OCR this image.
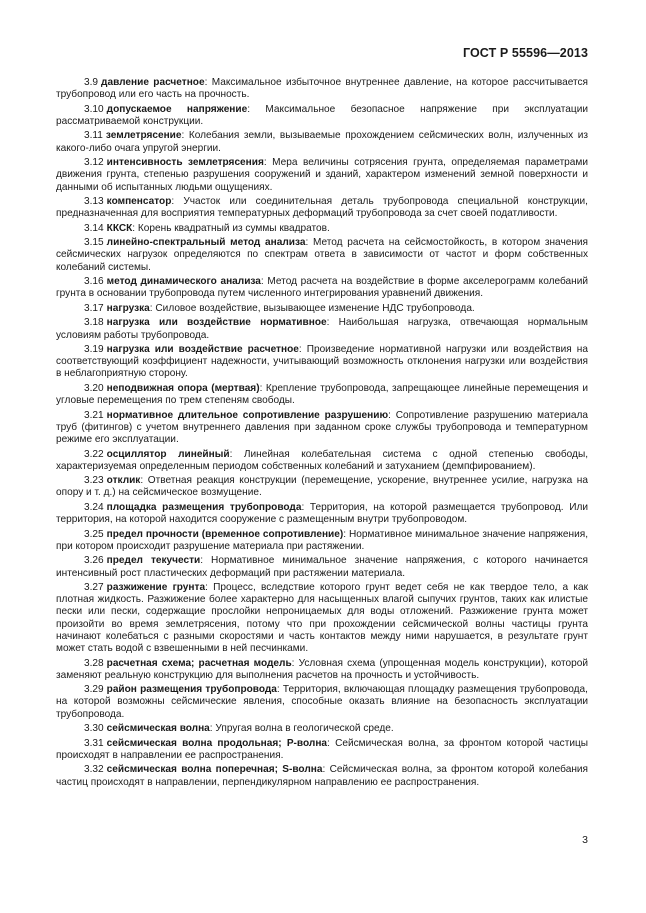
ГОСТ Р 55596—2013

3.9 давление расчетное: Максимальное избыточное внутреннее давление, на которое рассчитывается трубопровод или его часть на прочность.

3.10 допускаемое напряжение: Максимальное безопасное напряжение при эксплуатации рассматриваемой конструкции.

3.11 землетрясение: Колебания земли, вызываемые прохождением сейсмических волн, излученных из какого-либо очага упругой энергии.

3.12 интенсивность землетрясения: Мера величины сотрясения грунта, определяемая параметрами движения грунта, степенью разрушения сооружений и зданий, характером изменений земной поверхности и данными об испытанных людьми ощущениях.

3.13 компенсатор: Участок или соединительная деталь трубопровода специальной конструкции, предназначенная для восприятия температурных деформаций трубопровода за счет своей податливости.

3.14 ККСК: Корень квадратный из суммы квадратов.

3.15 линейно-спектральный метод анализа: Метод расчета на сейсмостойкость, в котором значения сейсмических нагрузок определяются по спектрам ответа в зависимости от частот и форм собственных колебаний системы.

3.16 метод динамического анализа: Метод расчета на воздействие в форме акселерограмм колебаний грунта в основании трубопровода путем численного интегрирования уравнений движения.

3.17 нагрузка: Силовое воздействие, вызывающее изменение НДС трубопровода.

3.18 нагрузка или воздействие нормативное: Наибольшая нагрузка, отвечающая нормальным условиям работы трубопровода.

3.19 нагрузка или воздействие расчетное: Произведение нормативной нагрузки или воздействия на соответствующий коэффициент надежности, учитывающий возможность отклонения нагрузки или воздействия в неблагоприятную сторону.

3.20 неподвижная опора (мертвая): Крепление трубопровода, запрещающее линейные перемещения и угловые перемещения по трем степеням свободы.

3.21 нормативное длительное сопротивление разрушению: Сопротивление разрушению материала труб (фитингов) с учетом внутреннего давления при заданном сроке службы трубопровода и температурном режиме его эксплуатации.

3.22 осциллятор линейный: Линейная колебательная система с одной степенью свободы, характеризуемая определенным периодом собственных колебаний и затуханием (демпфированием).

3.23 отклик: Ответная реакция конструкции (перемещение, ускорение, внутреннее усилие, нагрузка на опору и т. д.) на сейсмическое возмущение.

3.24 площадка размещения трубопровода: Территория, на которой размещается трубопровод. Или территория, на которой находится сооружение с размещенным внутри трубопроводом.

3.25 предел прочности (временное сопротивление): Нормативное минимальное значение напряжения, при котором происходит разрушение материала при растяжении.

3.26 предел текучести: Нормативное минимальное значение напряжения, с которого начинается интенсивный рост пластических деформаций при растяжении материала.

3.27 разжижение грунта: Процесс, вследствие которого грунт ведет себя не как твердое тело, а как плотная жидкость. Разжижение более характерно для насыщенных влагой сыпучих грунтов, таких как илистые пески или пески, содержащие прослойки непроницаемых для воды отложений. Разжижение грунта может произойти во время землетрясения, потому что при прохождении сейсмической волны частицы грунта начинают колебаться с разными скоростями и часть контактов между ними нарушается, в результате грунт может стать водой с взвешенными в ней песчинками.

3.28 расчетная схема; расчетная модель: Условная схема (упрощенная модель конструкции), которой заменяют реальную конструкцию для выполнения расчетов на прочность и устойчивость.

3.29 район размещения трубопровода: Территория, включающая площадку размещения трубопровода, на которой возможны сейсмические явления, способные оказать влияние на безопасность эксплуатации трубопровода.

3.30 сейсмическая волна: Упругая волна в геологической среде.

3.31 сейсмическая волна продольная; P-волна: Сейсмическая волна, за фронтом которой частицы происходят в направлении ее распространения.

3.32 сейсмическая волна поперечная; S-волна: Сейсмическая волна, за фронтом которой колебания частиц происходят в направлении, перпендикулярном направлению ее распространения.

3
